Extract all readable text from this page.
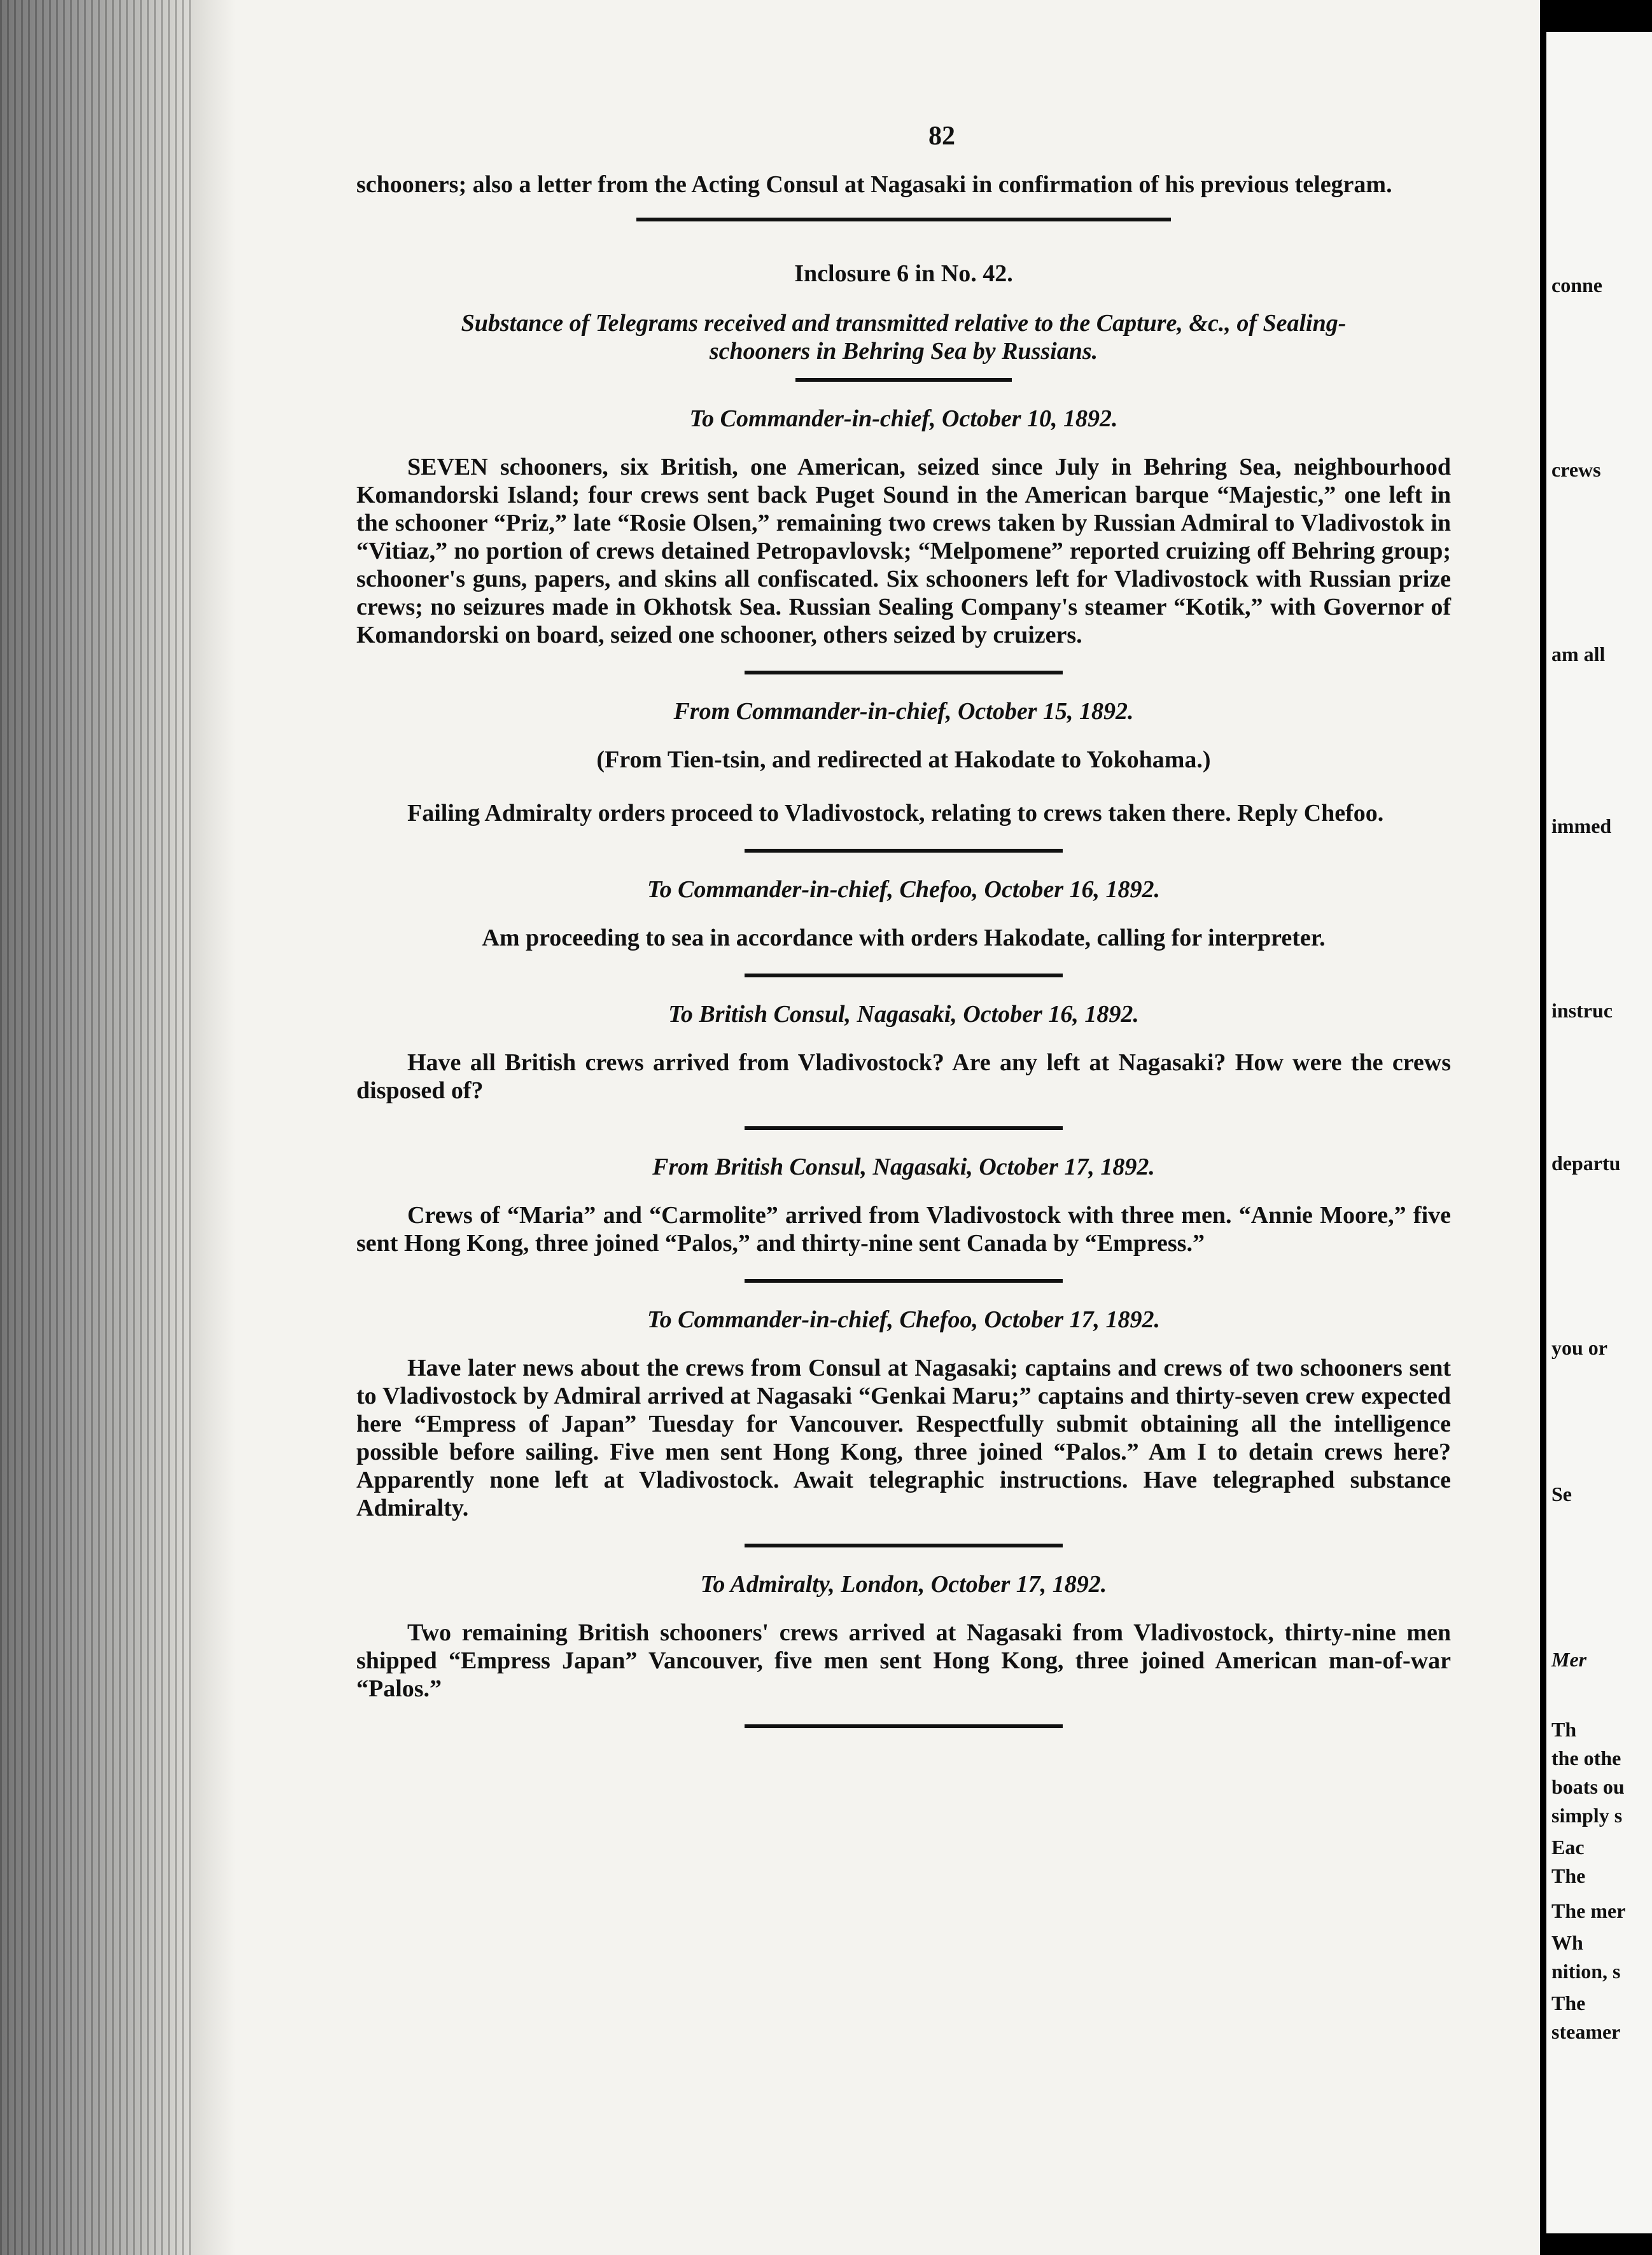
82

schooners; also a letter from the Acting Consul at Nagasaki in confirmation of his previous telegram.

Inclosure 6 in No. 42.

Substance of Telegrams received and transmitted relative to the Capture, &c., of Sealing-schooners in Behring Sea by Russians.

To Commander-in-chief, October 10, 1892.

SEVEN schooners, six British, one American, seized since July in Behring Sea, neighbourhood Komandorski Island; four crews sent back Puget Sound in the American barque “Majestic,” one left in the schooner “Priz,” late “Rosie Olsen,” remaining two crews taken by Russian Admiral to Vladivostok in “Vitiaz,” no portion of crews detained Petropavlovsk; “Melpomene” reported cruizing off Behring group; schooner's guns, papers, and skins all confiscated. Six schooners left for Vladivostock with Russian prize crews; no seizures made in Okhotsk Sea. Russian Sealing Company's steamer “Kotik,” with Governor of Komandorski on board, seized one schooner, others seized by cruizers.

From Commander-in-chief, October 15, 1892.

(From Tien-tsin, and redirected at Hakodate to Yokohama.)

Failing Admiralty orders proceed to Vladivostock, relating to crews taken there. Reply Chefoo.

To Commander-in-chief, Chefoo, October 16, 1892.

Am proceeding to sea in accordance with orders Hakodate, calling for interpreter.

To British Consul, Nagasaki, October 16, 1892.

Have all British crews arrived from Vladivostock? Are any left at Nagasaki? How were the crews disposed of?

From British Consul, Nagasaki, October 17, 1892.

Crews of “Maria” and “Carmolite” arrived from Vladivostock with three men. “Annie Moore,” five sent Hong Kong, three joined “Palos,” and thirty-nine sent Canada by “Empress.”

To Commander-in-chief, Chefoo, October 17, 1892.

Have later news about the crews from Consul at Nagasaki; captains and crews of two schooners sent to Vladivostock by Admiral arrived at Nagasaki “Genkai Maru;” captains and thirty-seven crew expected here “Empress of Japan” Tuesday for Vancouver. Respectfully submit obtaining all the intelligence possible before sailing. Five men sent Hong Kong, three joined “Palos.” Am I to detain crews here? Apparently none left at Vladivostock. Await telegraphic instructions. Have telegraphed substance Admiralty.

To Admiralty, London, October 17, 1892.

Two remaining British schooners' crews arrived at Nagasaki from Vladivostock, thirty-nine men shipped “Empress Japan” Vancouver, five men sent Hong Kong, three joined American man-of-war “Palos.”

conne
crews
am all
immed
instruc
departu
you or
Se
Mer
Th
the othe
boats ou
simply s
Eac
The
The mer
Wh
nition, s
The
steamer
